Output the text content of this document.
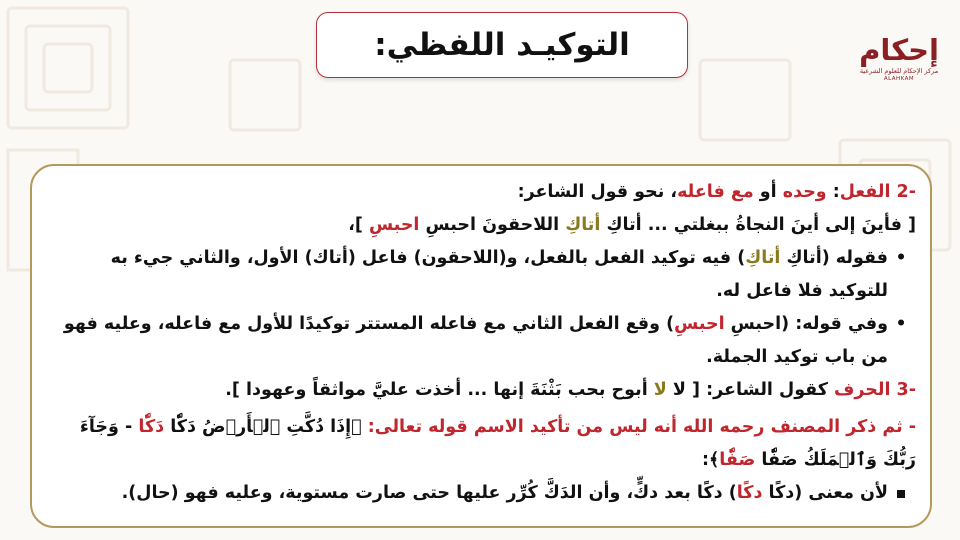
التوكيـد اللفظي:	إحكام
مركز الإحكام للعلوم الشرعية
ALAHKAM
-2 الفعل: وحده أو مع فاعله، نحو قول الشاعر:
[ فأينَ إلى أينَ النجاةُ ببغلتي ... أتاكِ أتاكِ اللاحقونَ احبسِ احبسِ ]،
•
فقوله (أتاكِ أتاكِ) فيه توكيد الفعل بالفعل، و(اللاحقون) فاعل (أتاك) الأول، والثاني جيء به
للتوكيد فلا فاعل له.
•
وفي قوله: (احبسِ احبسِ) وقع الفعل الثاني مع فاعله المستتر توكيدًا للأول مع فاعله، وعليه فهو
من باب توكيد الجملة.
-3 الحرف كقول الشاعر: [ لا لا أبوح بحب بَثْنَةَ إنها ... أخذت عليَّ مواثقاً وعهودا ].
- ثم ذكر المصنف رحمه الله أنه ليس من تأكيد الاسم قوله تعالى: ﴿إِذَا دُكَّتِ ٱلۡأَرۡضُ دَكّٗا دَكّٗا - وَجَآءَ
رَبُّكَ وَٱلۡمَلَكُ صَفّٗا صَفّٗا﴾:
لأن معنى (دكًا دكًا) دكًا بعد دكٍّ، وأن الدَكَّ كُرِّر عليها حتى صارت مستوية، وعليه فهو (حال).
